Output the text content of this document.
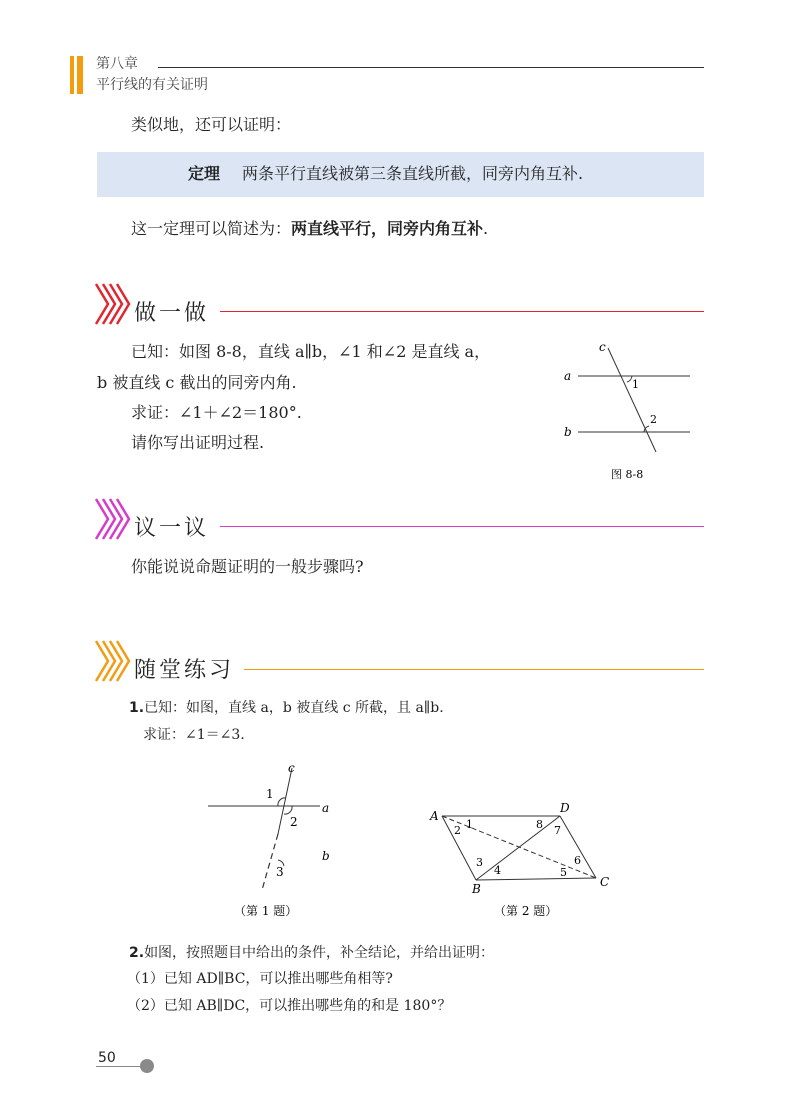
第八章
平行线的有关证明
类似地，还可以证明：
定理 两条平行直线被第三条直线所截，同旁内角互补.
这一定理可以简述为：两直线平行，同旁内角互补.
做一做
已知：如图 8-8，直线 a∥b，∠1 和∠2 是直线 a，
b 被直线 c 截出的同旁内角.
求证：∠1＋∠2＝180°.
请你写出证明过程.
c
a
b
1
2
图 8-8
议一议
你能说说命题证明的一般步骤吗?
随堂练习
1.已知：如图，直线 a，b 被直线 c 所截，且 a∥b.
求证：∠1＝∠3.
c
a
b
1
2
3
（第 1 题）
A
D
B	C
1
2	8 7
3
4
6
5
（第 2 题）
2.如图，按照题目中给出的条件，补全结论，并给出证明：
（1）已知 AD∥BC，可以推出哪些角相等?
（2）已知 AB∥DC，可以推出哪些角的和是 180°？
50
